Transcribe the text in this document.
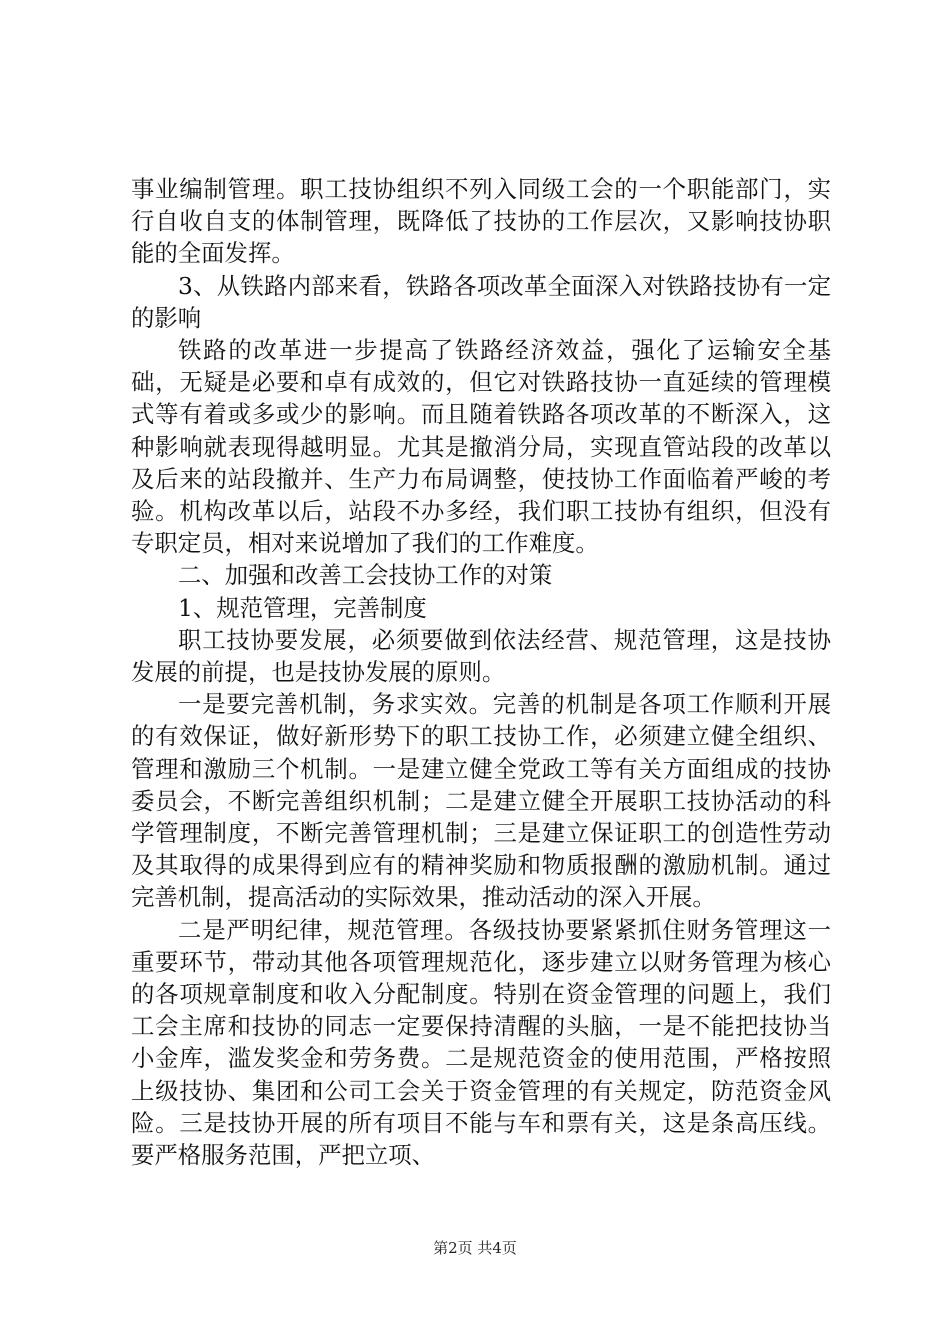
事业编制管理。职工技协组织不列入同级工会的一个职能部门，实行自收自支的体制管理，既降低了技协的工作层次，又影响技协职能的全面发挥。

3、从铁路内部来看，铁路各项改革全面深入对铁路技协有一定的影响

铁路的改革进一步提高了铁路经济效益，强化了运输安全基础，无疑是必要和卓有成效的，但它对铁路技协一直延续的管理模式等有着或多或少的影响。而且随着铁路各项改革的不断深入，这种影响就表现得越明显。尤其是撤消分局，实现直管站段的改革以及后来的站段撤并、生产力布局调整，使技协工作面临着严峻的考验。机构改革以后，站段不办多经，我们职工技协有组织，但没有专职定员，相对来说增加了我们的工作难度。

二、加强和改善工会技协工作的对策

1、规范管理，完善制度

职工技协要发展，必须要做到依法经营、规范管理，这是技协发展的前提，也是技协发展的原则。

一是要完善机制，务求实效。完善的机制是各项工作顺利开展的有效保证，做好新形势下的职工技协工作，必须建立健全组织、管理和激励三个机制。一是建立健全党政工等有关方面组成的技协委员会，不断完善组织机制；二是建立健全开展职工技协活动的科学管理制度，不断完善管理机制；三是建立保证职工的创造性劳动及其取得的成果得到应有的精神奖励和物质报酬的激励机制。通过完善机制，提高活动的实际效果，推动活动的深入开展。

二是严明纪律，规范管理。各级技协要紧紧抓住财务管理这一重要环节，带动其他各项管理规范化，逐步建立以财务管理为核心的各项规章制度和收入分配制度。特别在资金管理的问题上，我们工会主席和技协的同志一定要保持清醒的头脑，一是不能把技协当小金库，滥发奖金和劳务费。二是规范资金的使用范围，严格按照上级技协、集团和公司工会关于资金管理的有关规定，防范资金风险。三是技协开展的所有项目不能与车和票有关，这是条高压线。要严格服务范围，严把立项、

第2页 共4页
